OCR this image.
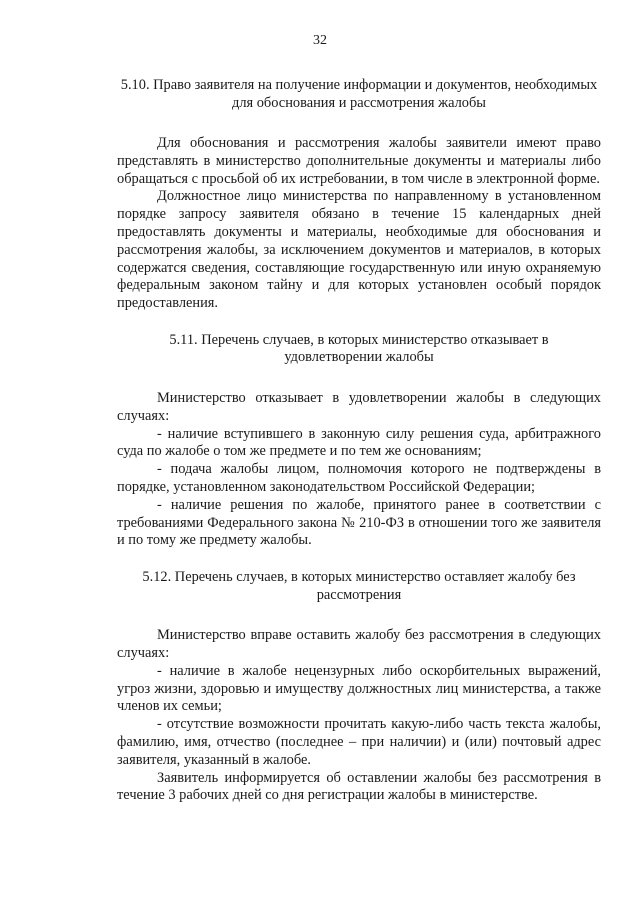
32

5.10. Право заявителя на получение информации и документов, необходимых
для обоснования и рассмотрения жалобы

Для обоснования и рассмотрения жалобы заявители имеют право представлять в министерство дополнительные документы и материалы либо обращаться с просьбой об их истребовании, в том числе в электронной форме.

Должностное лицо министерства по направленному в установленном порядке запросу заявителя обязано в течение 15 календарных дней предоставлять документы и материалы, необходимые для обоснования и рассмотрения жалобы, за исключением документов и материалов, в которых содержатся сведения, составляющие государственную или иную охраняемую федеральным законом тайну и для которых установлен особый порядок предоставления.

5.11. Перечень случаев, в которых министерство отказывает в
удовлетворении жалобы

Министерство отказывает в удовлетворении жалобы в следующих случаях:

- наличие вступившего в законную силу решения суда, арбитражного суда по жалобе о том же предмете и по тем же основаниям;

- подача жалобы лицом, полномочия которого не подтверждены в порядке, установленном законодательством Российской Федерации;

- наличие решения по жалобе, принятого ранее в соответствии с требованиями Федерального закона № 210-ФЗ в отношении того же заявителя и по тому же предмету жалобы.

5.12. Перечень случаев, в которых министерство оставляет жалобу без
рассмотрения

Министерство вправе оставить жалобу без рассмотрения в следующих случаях:

- наличие в жалобе нецензурных либо оскорбительных выражений, угроз жизни, здоровью и имуществу должностных лиц министерства, а также членов их семьи;

- отсутствие возможности прочитать какую-либо часть текста жалобы, фамилию, имя, отчество (последнее – при наличии) и (или) почтовый адрес заявителя, указанный в жалобе.

Заявитель информируется об оставлении жалобы без рассмотрения в течение 3 рабочих дней со дня регистрации жалобы в министерстве.
